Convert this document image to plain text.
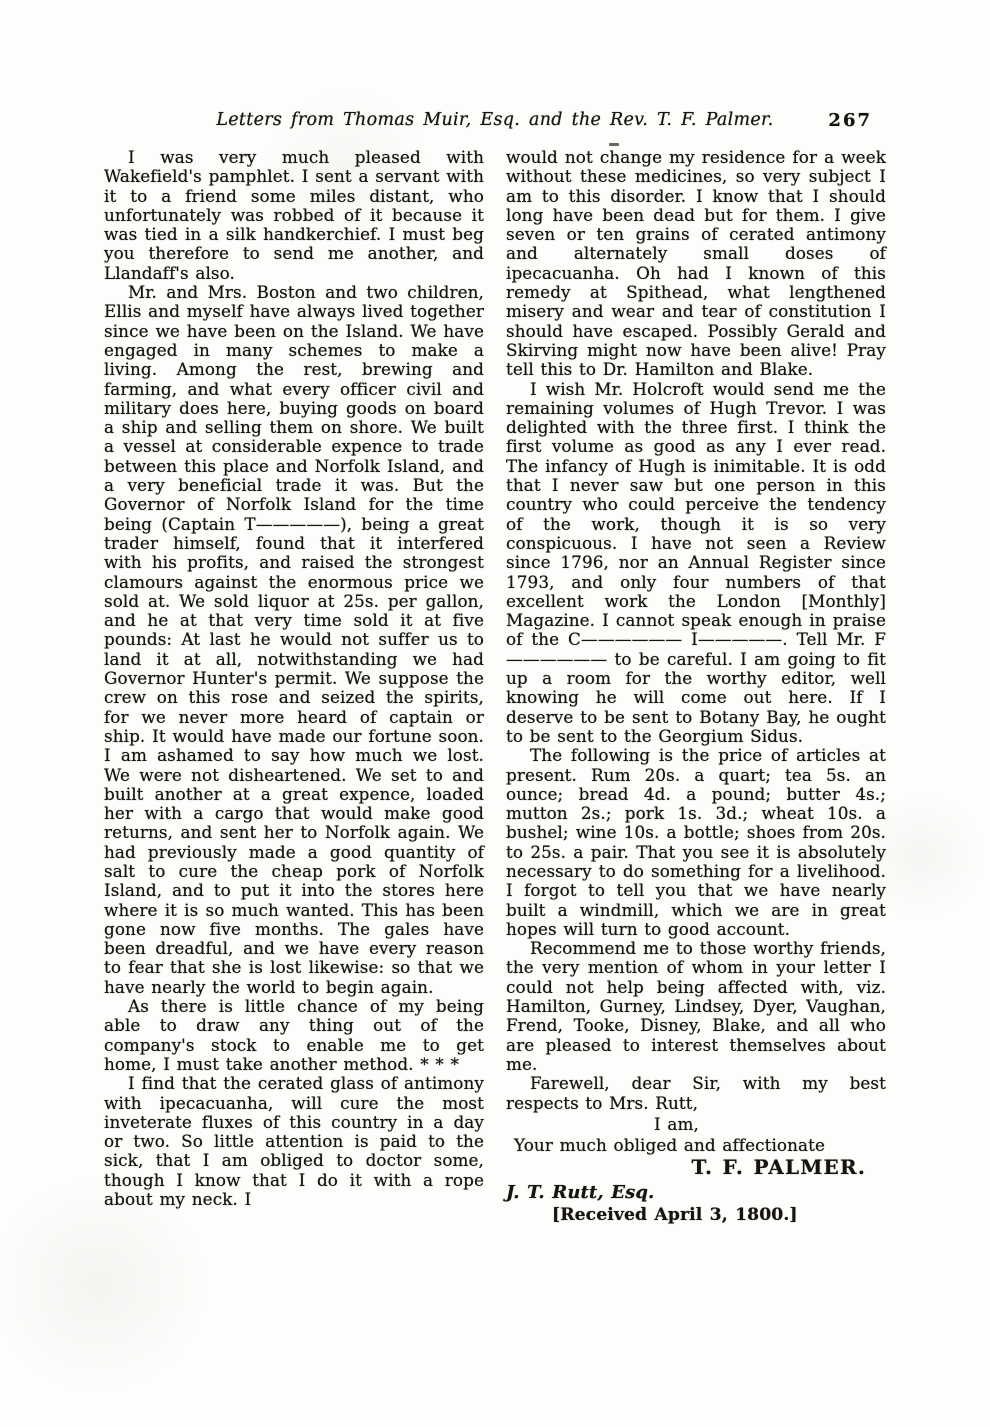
Letters from Thomas Muir, Esq. and the Rev. T. F. Palmer.	267

I was very much pleased with Wakefield's pamphlet. I sent a servant with it to a friend some miles distant, who unfortunately was robbed of it because it was tied in a silk handkerchief. I must beg you therefore to send me another, and Llandaff's also.

Mr. and Mrs. Boston and two children, Ellis and myself have always lived together since we have been on the Island. We have engaged in many schemes to make a living. Among the rest, brewing and farming, and what every officer civil and military does here, buying goods on board a ship and selling them on shore. We built a vessel at considerable expence to trade between this place and Norfolk Island, and a very beneficial trade it was. But the Governor of Norfolk Island for the time being (Captain T—————), being a great trader himself, found that it interfered with his profits, and raised the strongest clamours against the enormous price we sold at. We sold liquor at 25s. per gallon, and he at that very time sold it at five pounds: At last he would not suffer us to land it at all, notwithstanding we had Governor Hunter's permit. We suppose the crew on this rose and seized the spirits, for we never more heard of captain or ship. It would have made our fortune soon. I am ashamed to say how much we lost. We were not disheartened. We set to and built another at a great expence, loaded her with a cargo that would make good returns, and sent her to Norfolk again. We had previously made a good quantity of salt to cure the cheap pork of Norfolk Island, and to put it into the stores here where it is so much wanted. This has been gone now five months. The gales have been dreadful, and we have every reason to fear that she is lost likewise: so that we have nearly the world to begin again.

As there is little chance of my being able to draw any thing out of the company's stock to enable me to get home, I must take another method. * * *

I find that the cerated glass of antimony with ipecacuanha, will cure the most inveterate fluxes of this country in a day or two. So little attention is paid to the sick, that I am obliged to doctor some, though I know that I do it with a rope about my neck. I

would not change my residence for a week without these medicines, so very subject I am to this disorder. I know that I should long have been dead but for them. I give seven or ten grains of cerated antimony and alternately small doses of ipecacuanha. Oh had I known of this remedy at Spithead, what lengthened misery and wear and tear of constitution I should have escaped. Possibly Gerald and Skirving might now have been alive! Pray tell this to Dr. Hamilton and Blake.

I wish Mr. Holcroft would send me the remaining volumes of Hugh Trevor. I was delighted with the three first. I think the first volume as good as any I ever read. The infancy of Hugh is inimitable. It is odd that I never saw but one person in this country who could perceive the tendency of the work, though it is so very conspicuous. I have not seen a Review since 1796, nor an Annual Register since 1793, and only four numbers of that excellent work the London [Monthly] Magazine. I cannot speak enough in praise of the C—————— I—————. Tell Mr. F—————— to be careful. I am going to fit up a room for the worthy editor, well knowing he will come out here. If I deserve to be sent to Botany Bay, he ought to be sent to the Georgium Sidus.

The following is the price of articles at present. Rum 20s. a quart; tea 5s. an ounce; bread 4d. a pound; butter 4s.; mutton 2s.; pork 1s. 3d.; wheat 10s. a bushel; wine 10s. a bottle; shoes from 20s. to 25s. a pair. That you see it is absolutely necessary to do something for a livelihood. I forgot to tell you that we have nearly built a windmill, which we are in great hopes will turn to good account.

Recommend me to those worthy friends, the very mention of whom in your letter I could not help being affected with, viz. Hamilton, Gurney, Lindsey, Dyer, Vaughan, Frend, Tooke, Disney, Blake, and all who are pleased to interest themselves about me.

Farewell, dear Sir, with my best respects to Mrs. Rutt,

I am,
Your much obliged and affectionate
T. F. PALMER.
J. T. Rutt, Esq.
[Received April 3, 1800.]
